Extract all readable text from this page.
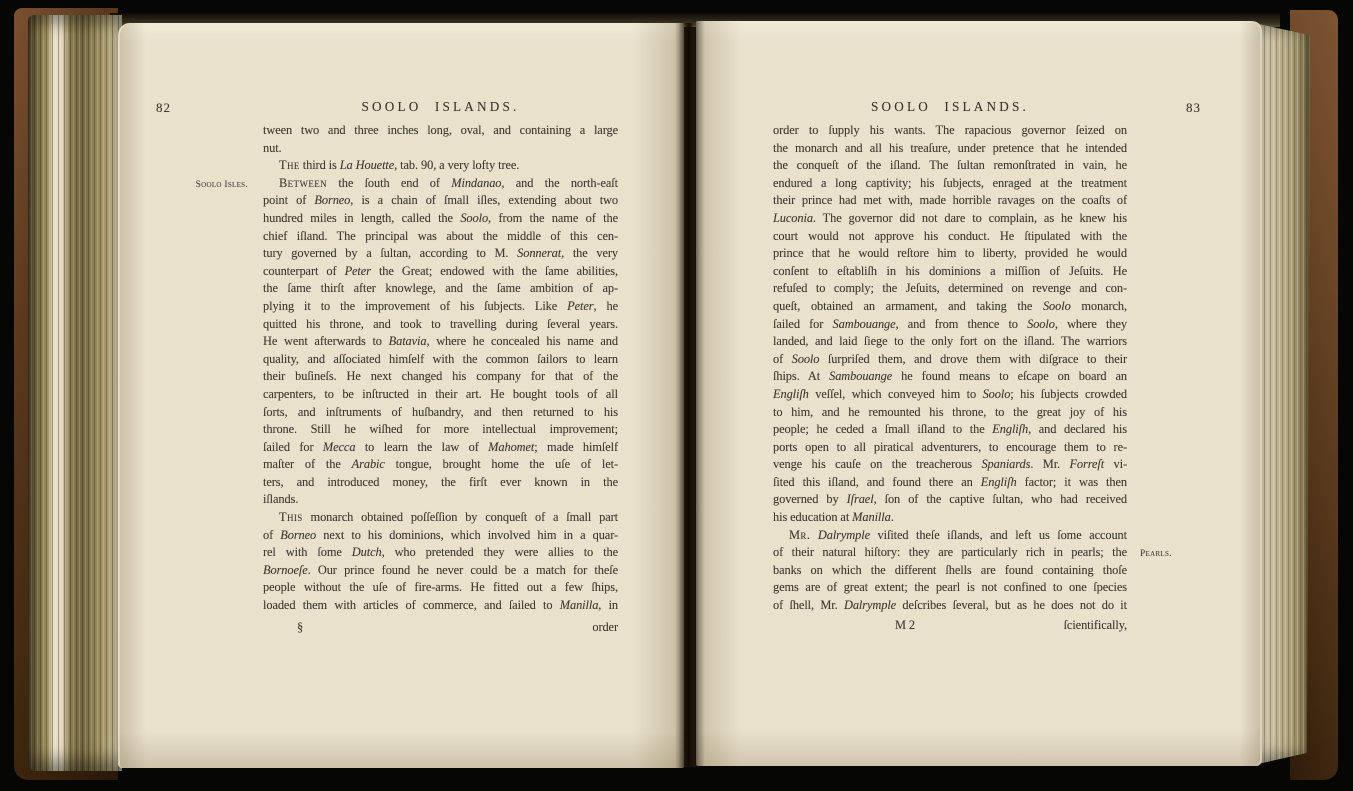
82	SOOLO ISLANDS.
tween two and three inches long, oval, and containing a large
nut.
The third is La Houette, tab. 90, a very lofty tree.
Between the ſouth end of Mindanao, and the north-eaſt
Soolo Isles.
point of Borneo, is a chain of ſmall iſles, extending about two
hundred miles in length, called the Soolo, from the name of the
chief iſland. The principal was about the middle of this cen-
tury governed by a ſultan, according to M. Sonnerat, the very
counterpart of Peter the Great; endowed with the ſame abilities,
the ſame thirſt after knowlege, and the ſame ambition of ap-
plying it to the improvement of his ſubjects. Like Peter, he
quitted his throne, and took to travelling during ſeveral years.
He went afterwards to Batavia, where he concealed his name and
quality, and aſſociated himſelf with the common ſailors to learn
their buſineſs. He next changed his company for that of the
carpenters, to be inſtructed in their art. He bought tools of all
ſorts, and inſtruments of huſbandry, and then returned to his
throne. Still he wiſhed for more intellectual improvement;
ſailed for Mecca to learn the law of Mahomet; made himſelf
maſter of the Arabic tongue, brought home the uſe of let-
ters, and introduced money, the firſt ever known in the
iſlands.
This monarch obtained poſſeſſion by conqueſt of a ſmall part
of Borneo next to his dominions, which involved him in a quar-
rel with ſome Dutch, who pretended they were allies to the
Bornoeſe. Our prince found he never could be a match for theſe
people without the uſe of fire-arms. He fitted out a few ſhips,
loaded them with articles of commerce, and ſailed to Manilla, in
§	order
83
SOOLO ISLANDS.
order to ſupply his wants. The rapacious governor ſeized on
the monarch and all his treaſure, under pretence that he intended
the conqueſt of the iſland. The ſultan remonſtrated in vain, he
endured a long captivity; his ſubjects, enraged at the treatment
their prince had met with, made horrible ravages on the coaſts of
Luconia. The governor did not dare to complain, as he knew his
court would not approve his conduct. He ſtipulated with the
prince that he would reſtore him to liberty, provided he would
conſent to eſtabliſh in his dominions a miſſion of Jeſuits. He
refuſed to comply; the Jeſuits, determined on revenge and con-
queſt, obtained an armament, and taking the Soolo monarch,
ſailed for Sambouange, and from thence to Soolo, where they
landed, and laid ſiege to the only fort on the iſland. The warriors
of Soolo ſurpriſed them, and drove them with diſgrace to their
ſhips. At Sambouange he found means to eſcape on board an
Engliſh veſſel, which conveyed him to Soolo; his ſubjects crowded
to him, and he remounted his throne, to the great joy of his
people; he ceded a ſmall iſland to the Engliſh, and declared his
ports open to all piratical adventurers, to encourage them to re-
venge his cauſe on the treacherous Spaniards. Mr. Forreſt vi-
ſited this iſland, and found there an Engliſh factor; it was then
governed by Iſrael, ſon of the captive ſultan, who had received
his education at Manilla.
Mr. Dalrymple viſited theſe iſlands, and left us ſome account
of their natural hiſtory: they are particularly rich in pearls; the Pearls.
banks on which the different ſhells are found containing thoſe
gems are of great extent; the pearl is not confined to one ſpecies
of ſhell, Mr. Dalrymple deſcribes ſeveral, but as he does not do it
M 2	ſcientifically,
